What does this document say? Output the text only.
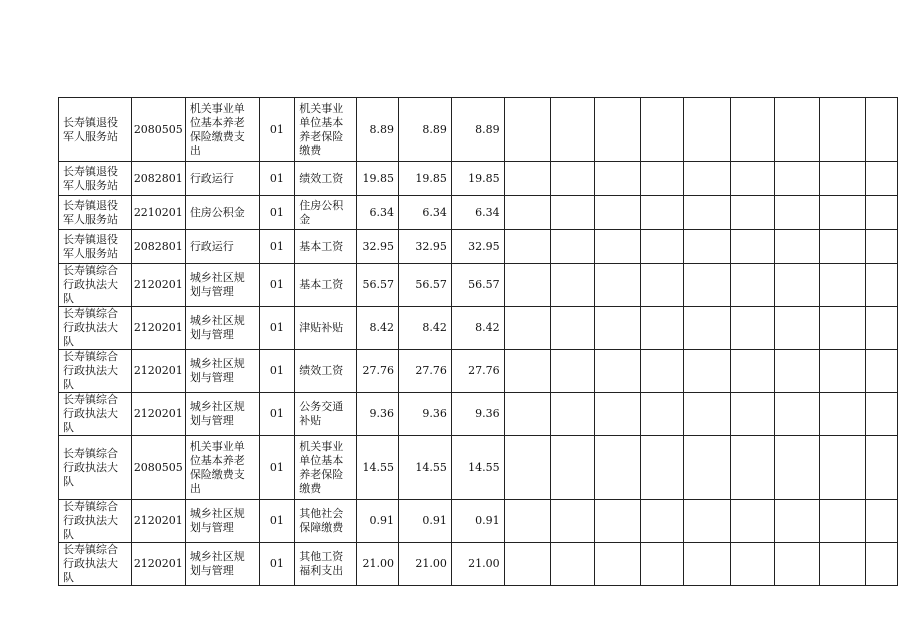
长寿镇退役军人服务站	2080505	机关事业单位基本养老保险缴费支出	01	机关事业单位基本养老保险缴费	8.89	8.89	8.89									
长寿镇退役军人服务站	2082801	行政运行	01	绩效工资	19.85	19.85	19.85									
长寿镇退役军人服务站	2210201	住房公积金	01	住房公积金	6.34	6.34	6.34									
长寿镇退役军人服务站	2082801	行政运行	01	基本工资	32.95	32.95	32.95									
长寿镇综合行政执法大队	2120201	城乡社区规划与管理	01	基本工资	56.57	56.57	56.57									
长寿镇综合行政执法大队	2120201	城乡社区规划与管理	01	津贴补贴	8.42	8.42	8.42									
长寿镇综合行政执法大队	2120201	城乡社区规划与管理	01	绩效工资	27.76	27.76	27.76									
长寿镇综合行政执法大队	2120201	城乡社区规划与管理	01	公务交通补贴	9.36	9.36	9.36									
长寿镇综合行政执法大队	2080505	机关事业单位基本养老保险缴费支出	01	机关事业单位基本养老保险缴费	14.55	14.55	14.55									
长寿镇综合行政执法大队	2120201	城乡社区规划与管理	01	其他社会保障缴费	0.91	0.91	0.91									
长寿镇综合行政执法大队	2120201	城乡社区规划与管理	01	其他工资福利支出	21.00	21.00	21.00									
